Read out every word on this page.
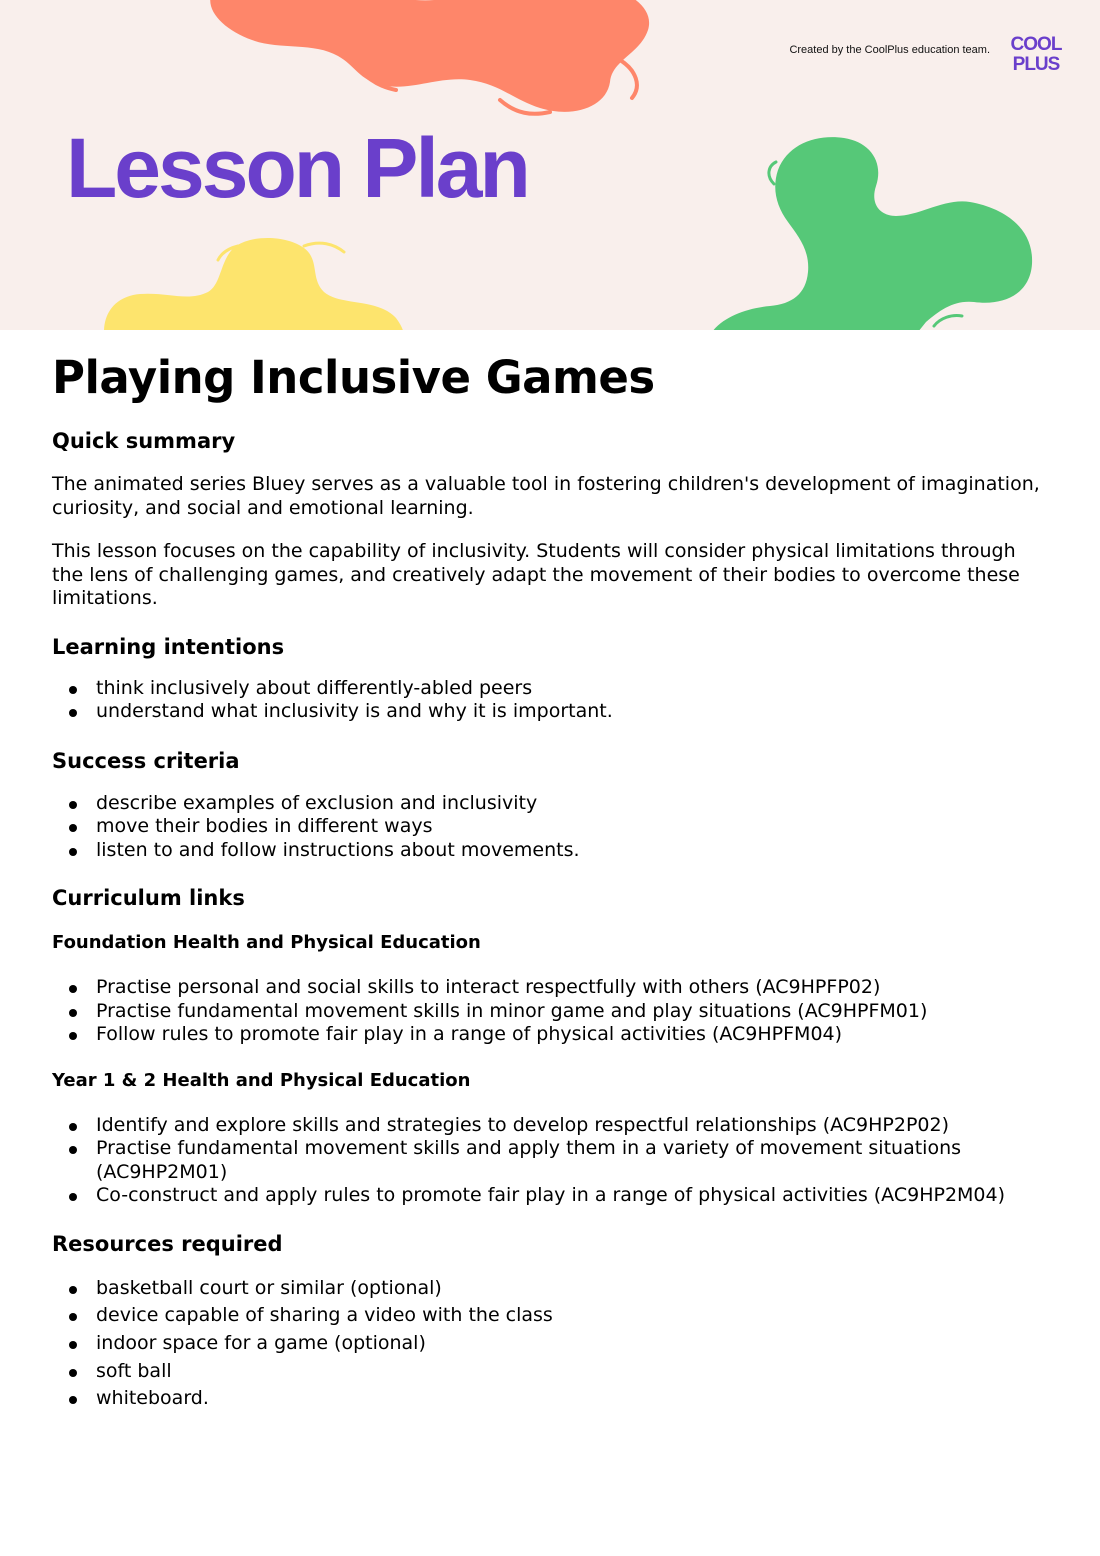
Created by the CoolPlus education team. COOL
PLUS
Lesson Plan
Playing Inclusive Games
Quick summary

The animated series Bluey serves as a valuable tool in fostering children's development of imagination, curiosity, and social and emotional learning.

This lesson focuses on the capability of inclusivity. Students will consider physical limitations through the lens of challenging games, and creatively adapt the movement of their bodies to overcome these limitations.

Learning intentions
think inclusively about differently-abled peers
understand what inclusivity is and why it is important.
Success criteria
describe examples of exclusion and inclusivity
move their bodies in different ways
listen to and follow instructions about movements.
Curriculum links
Foundation Health and Physical Education
Practise personal and social skills to interact respectfully with others (AC9HPFP02)
Practise fundamental movement skills in minor game and play situations (AC9HPFM01)
Follow rules to promote fair play in a range of physical activities (AC9HPFM04)
Year 1 & 2 Health and Physical Education
Identify and explore skills and strategies to develop respectful relationships (AC9HP2P02)
Practise fundamental movement skills and apply them in a variety of movement situations (AC9HP2M01)
Co-construct and apply rules to promote fair play in a range of physical activities (AC9HP2M04)
Resources required
basketball court or similar (optional)
device capable of sharing a video with the class
indoor space for a game (optional)
soft ball
whiteboard.
